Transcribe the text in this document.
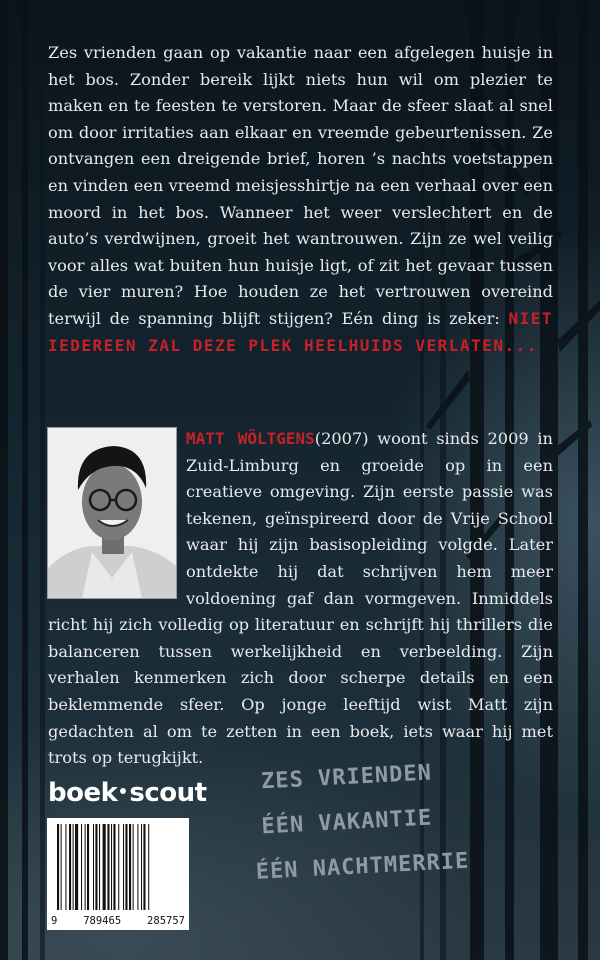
Zes vrienden gaan op vakantie naar een afgelegen huisje in het bos. Zonder bereik lijkt niets hun wil om plezier te maken en te feesten te verstoren. Maar de sfeer slaat al snel om door irritaties aan elkaar en vreemde gebeurtenissen. Ze ontvangen een dreigende brief, horen ’s nachts voetstappen en vinden een vreemd meisjesshirtje na een verhaal over een moord in het bos. Wanneer het weer verslechtert en de auto’s verdwijnen, groeit het wantrouwen. Zijn ze wel veilig voor alles wat buiten hun huisje ligt, of zit het gevaar tussen de vier muren? Hoe houden ze het vertrouwen overeind terwijl de spanning blijft stijgen? Eén ding is zeker: NIET IEDEREEN ZAL DEZE PLEK HEELHUIDS VERLATEN...
MATT WÖLTGENS(2007) woont sinds 2009 in Zuid-Limburg en groeide op in een creatieve omgeving. Zijn eerste passie was tekenen, geïnspireerd door de Vrije School waar hij zijn basisopleiding volgde. Later ontdekte hij dat schrijven hem meer voldoening gaf dan vormgeven. Inmiddels richt hij zich volledig op literatuur en schrijft hij thrillers die balanceren tussen werkelijkheid en verbeelding. Zijn verhalen kenmerken zich door scherpe details en een beklemmende sfeer. Op jonge leeftijd wist Matt zijn gedachten al om te zetten in een boek, iets waar hij met trots op terugkijkt.
boek scout
9 789465 285757
ZES VRIENDEN
ÉÉN VAKANTIE
ÉÉN NACHTMERRIE
